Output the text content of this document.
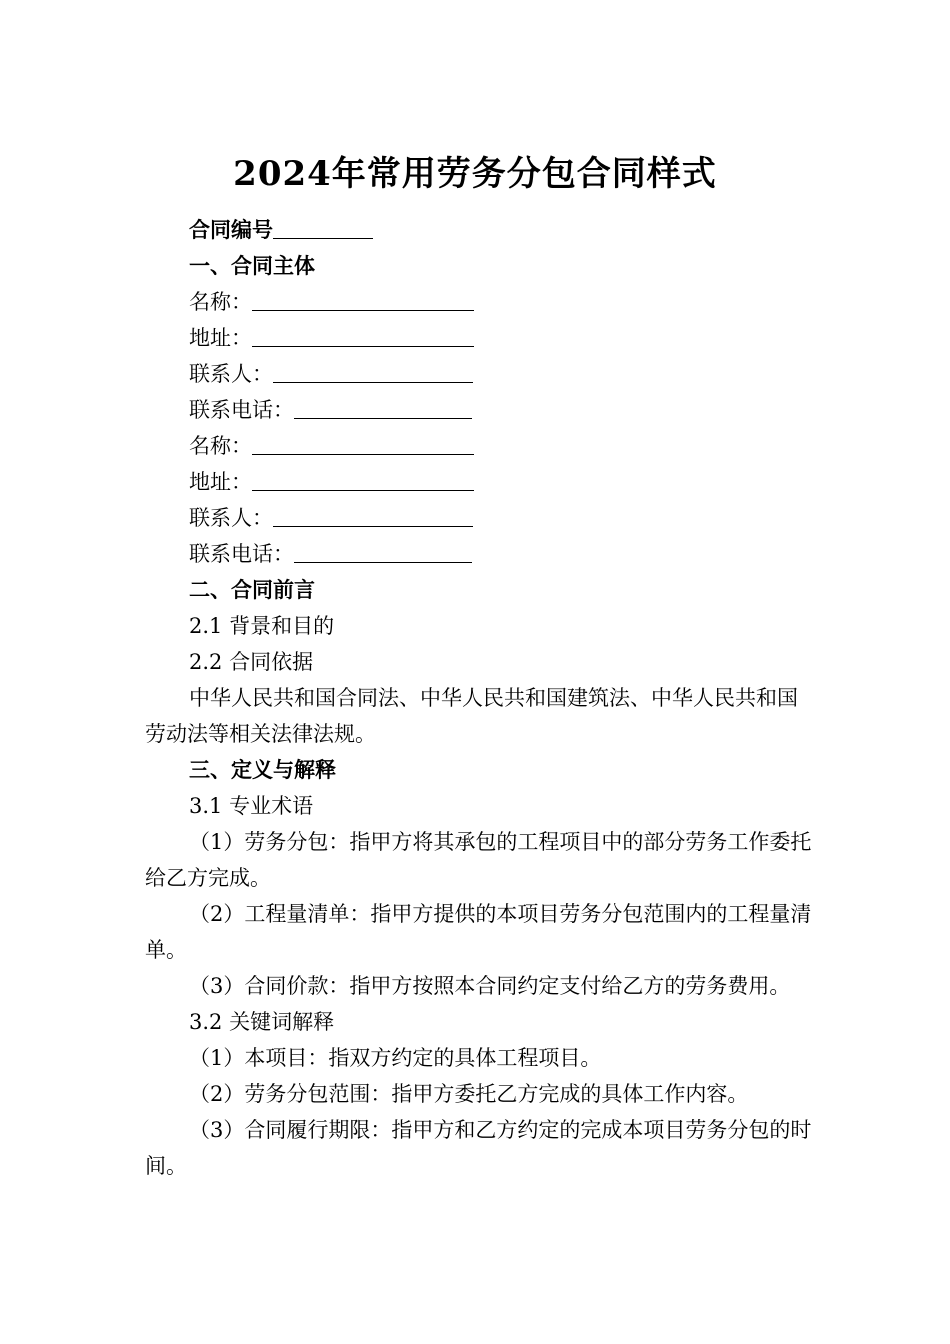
2024年常用劳务分包合同样式
合同编号
一、合同主体
名称：
地址：
联系人：
联系电话：
名称：
地址：
联系人：
联系电话：
二、合同前言
2.1 背景和目的
2.2 合同依据
中华人民共和国合同法、中华人民共和国建筑法、中华人民共和国劳动法等相关法律法规。
三、定义与解释
3.1 专业术语
（1）劳务分包：指甲方将其承包的工程项目中的部分劳务工作委托给乙方完成。
（2）工程量清单：指甲方提供的本项目劳务分包范围内的工程量清单。
（3）合同价款：指甲方按照本合同约定支付给乙方的劳务费用。
3.2 关键词解释
（1）本项目：指双方约定的具体工程项目。
（2）劳务分包范围：指甲方委托乙方完成的具体工作内容。
（3）合同履行期限：指甲方和乙方约定的完成本项目劳务分包的时间。
